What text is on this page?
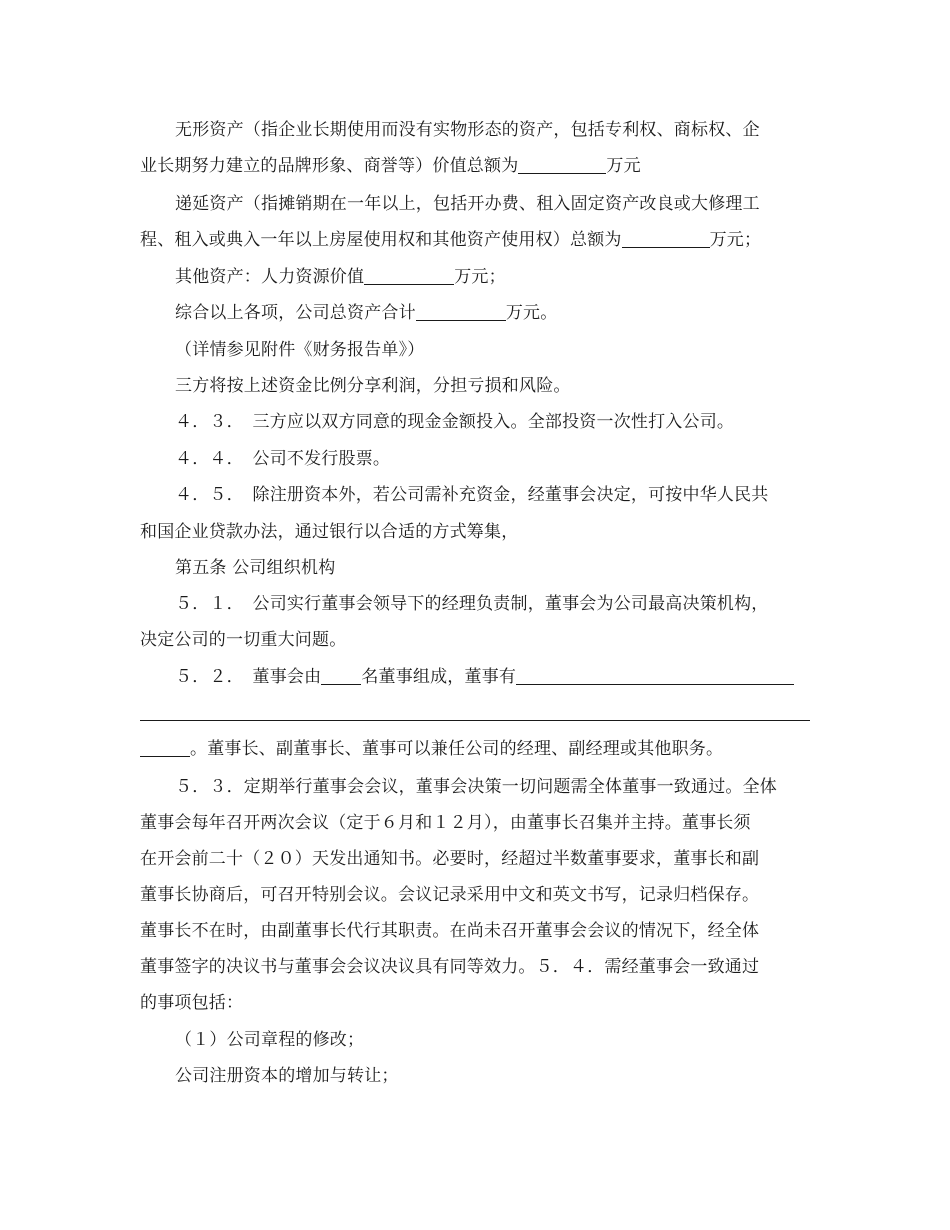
无形资产（指企业长期使用而没有实物形态的资产，包括专利权、商标权、企
业长期努力建立的品牌形象、商誉等）价值总额为	万元
递延资产（指摊销期在一年以上，包括开办费、租入固定资产改良或大修理工
程、租入或典入一年以上房屋使用权和其他资产使用权）总额为	万元；
其他资产：人力资源价值	万元；
综合以上各项，公司总资产合计	万元。
（详情参见附件《财务报告单》）
三方将按上述资金比例分享利润，分担亏损和风险。
４．３．　三方应以双方同意的现金金额投入。全部投资一次性打入公司。
４．４．　公司不发行股票。
４．５．　除注册资本外，若公司需补充资金，经董事会决定，可按中华人民共
和国企业贷款办法，通过银行以合适的方式筹集，
第五条 公司组织机构
５．１．　公司实行董事会领导下的经理负责制，董事会为公司最高决策机构，
决定公司的一切重大问题。
５．２．　董事会由 名董事组成，董事有
。董事长、副董事长、董事可以兼任公司的经理、副经理或其他职务。
５．３．定期举行董事会会议，董事会决策一切问题需全体董事一致通过。全体
董事会每年召开两次会议（定于６月和１２月），由董事长召集并主持。董事长须
在开会前二十（２０）天发出通知书。必要时，经超过半数董事要求，董事长和副
董事长协商后，可召开特别会议。会议记录采用中文和英文书写，记录归档保存。
董事长不在时，由副董事长代行其职责。在尚未召开董事会会议的情况下，经全体
董事签字的决议书与董事会会议决议具有同等效力。５．４．需经董事会一致通过
的事项包括：
（１）公司章程的修改；
公司注册资本的增加与转让；
